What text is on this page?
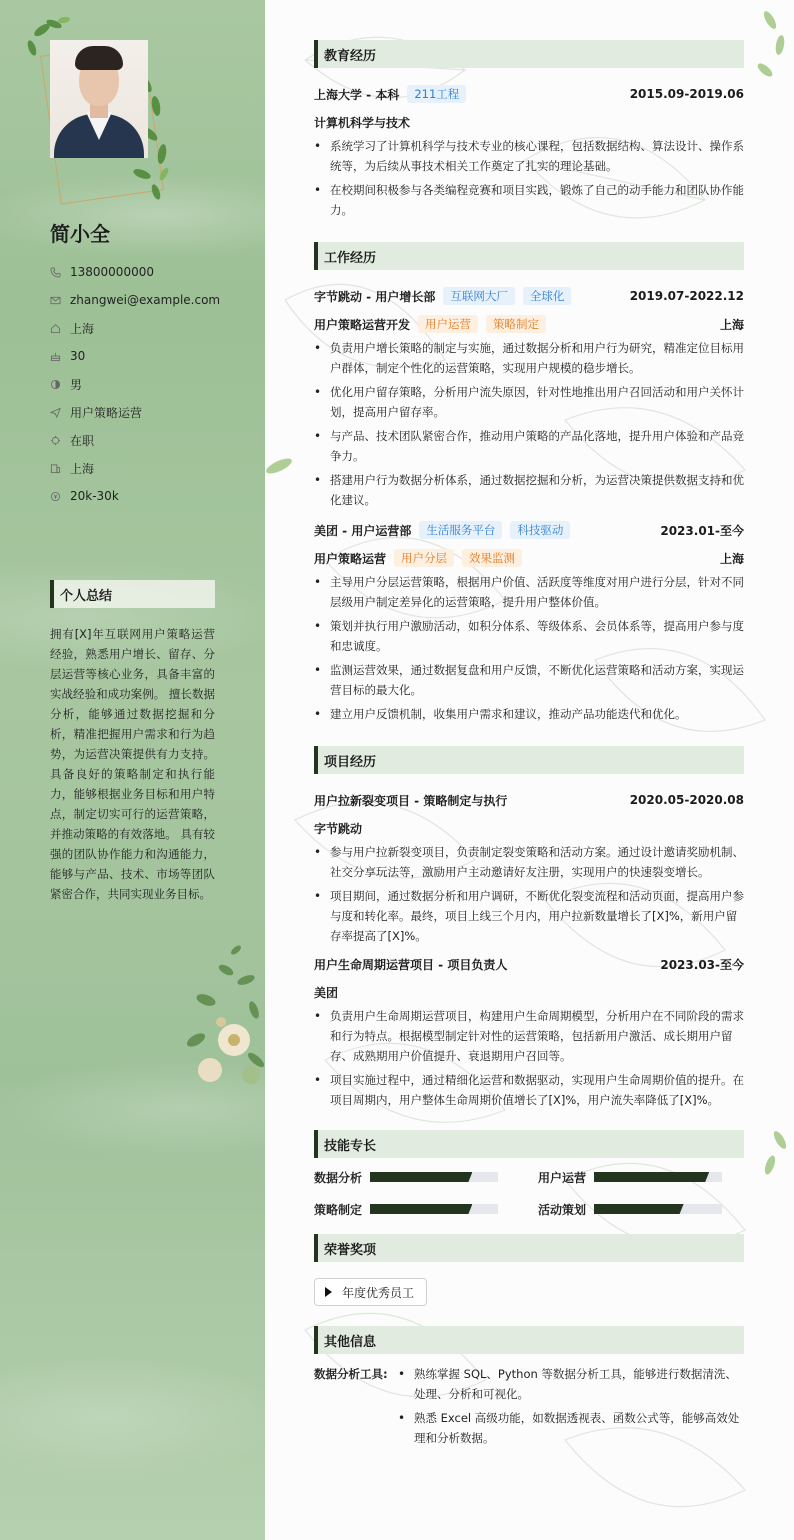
简小全
13800000000
zhangwei@example.com
上海
30
男
用户策略运营
在职
上海
20k-30k
个人总结
拥有[X]年互联网用户策略运营经验，熟悉用户增长、留存、分层运营等核心业务，具备丰富的实战经验和成功案例。 擅长数据分析，能够通过数据挖掘和分析，精准把握用户需求和行为趋势，为运营决策提供有力支持。 具备良好的策略制定和执行能力，能够根据业务目标和用户特点，制定切实可行的运营策略，并推动策略的有效落地。 具有较强的团队协作能力和沟通能力，能够与产品、技术、市场等团队紧密合作，共同实现业务目标。
教育经历
上海大学 - 本科	211工程	2015.09-2019.06
计算机科学与技术
• 系统学习了计算机科学与技术专业的核心课程，包括数据结构、算法设计、操作系统等，为后续从事技术相关工作奠定了扎实的理论基础。
• 在校期间积极参与各类编程竞赛和项目实践，锻炼了自己的动手能力和团队协作能力。
工作经历
字节跳动 - 用户增长部	互联网大厂	全球化	2019.07-2022.12
用户策略运营开发	用户运营	策略制定	上海
• 负责用户增长策略的制定与实施，通过数据分析和用户行为研究，精准定位目标用户群体，制定个性化的运营策略，实现用户规模的稳步增长。
• 优化用户留存策略，分析用户流失原因，针对性地推出用户召回活动和用户关怀计划，提高用户留存率。
• 与产品、技术团队紧密合作，推动用户策略的产品化落地，提升用户体验和产品竞争力。
• 搭建用户行为数据分析体系，通过数据挖掘和分析，为运营决策提供数据支持和优化建议。
美团 - 用户运营部	生活服务平台	科技驱动	2023.01-至今
用户策略运营	用户分层	效果监测	上海
• 主导用户分层运营策略，根据用户价值、活跃度等维度对用户进行分层，针对不同层级用户制定差异化的运营策略，提升用户整体价值。
• 策划并执行用户激励活动，如积分体系、等级体系、会员体系等，提高用户参与度和忠诚度。
• 监测运营效果，通过数据复盘和用户反馈，不断优化运营策略和活动方案，实现运营目标的最大化。
• 建立用户反馈机制，收集用户需求和建议，推动产品功能迭代和优化。
项目经历
用户拉新裂变项目 - 策略制定与执行	2020.05-2020.08
字节跳动
• 参与用户拉新裂变项目，负责制定裂变策略和活动方案。通过设计邀请奖励机制、社交分享玩法等，激励用户主动邀请好友注册，实现用户的快速裂变增长。
• 项目期间，通过数据分析和用户调研，不断优化裂变流程和活动页面，提高用户参与度和转化率。最终，项目上线三个月内，用户拉新数量增长了[X]%，新用户留存率提高了[X]%。
用户生命周期运营项目 - 项目负责人	2023.03-至今
美团
• 负责用户生命周期运营项目，构建用户生命周期模型，分析用户在不同阶段的需求和行为特点。根据模型制定针对性的运营策略，包括新用户激活、成长期用户留存、成熟期用户价值提升、衰退期用户召回等。
• 项目实施过程中，通过精细化运营和数据驱动，实现用户生命周期价值的提升。在项目周期内，用户整体生命周期价值增长了[X]%，用户流失率降低了[X]%。
技能专长
数据分析	用户运营
策略制定	活动策划
荣誉奖项
年度优秀员工
其他信息
数据分析工具:
•	熟练掌握 SQL、Python 等数据分析工具，能够进行数据清洗、处理、分析和可视化。
• 熟悉 Excel 高级功能，如数据透视表、函数公式等，能够高效处理和分析数据。
